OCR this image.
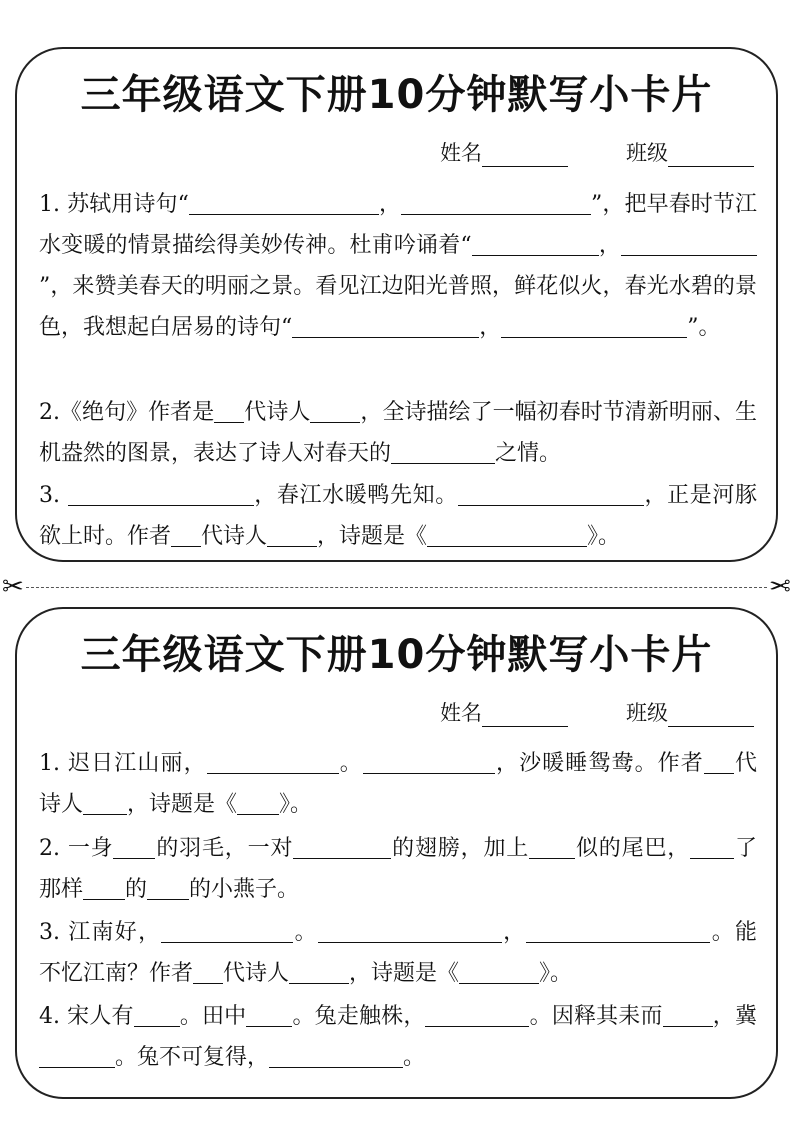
三年级语文下册10分钟默写小卡片
姓名	班级
1. 苏轼用诗句“	，	”，把早春时节江水变暖的情景描绘得美妙传神。杜甫吟诵着“	，”，来赞美春天的明丽之景。看见江边阳光普照，鲜花似火，春光水碧的景色，我想起白居易的诗句“	，	”。
2.《绝句》作者是 代诗人 ，全诗描绘了一幅初春时节清新明丽、生机盎然的图景，表达了诗人对春天的	之情。
3.	，春江水暖鸭先知。	，正是河豚欲上时。作者 代诗人 ，诗题是《	》。
✂	✂
三年级语文下册10分钟默写小卡片
姓名	班级
1. 迟日江山丽，	。	，沙暖睡鸳鸯。作者 代诗人 ，诗题是《 》。
2. 一身 的羽毛，一对	的翅膀，加上 似的尾巴， 了那样 的 的小燕子。
3. 江南好，	。	，	。能不忆江南？作者 代诗人	，诗题是《	》。
4. 宋人有 。田中 。兔走触株，	。因释其耒而 ，冀。兔不可复得，	。
